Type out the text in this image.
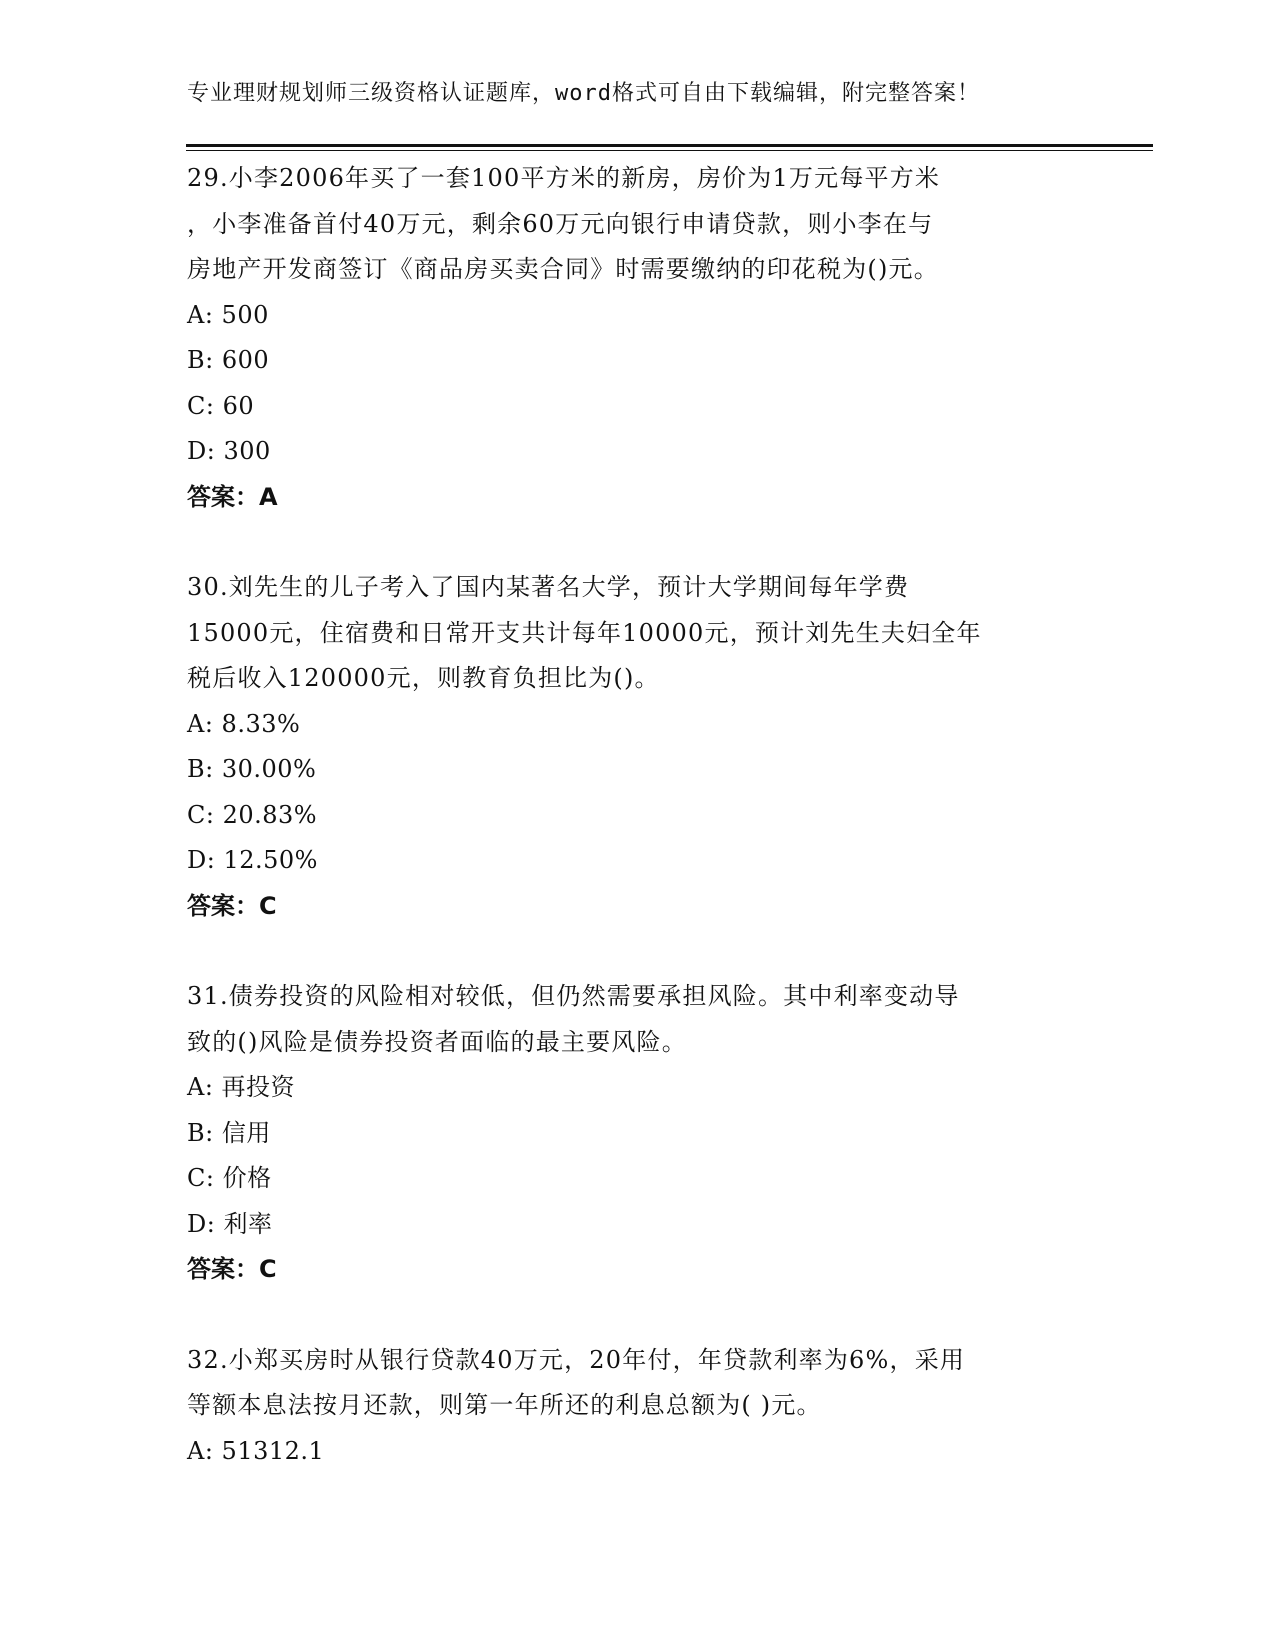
专业理财规划师三级资格认证题库，word格式可自由下载编辑，附完整答案！

29.小李2006年买了一套100平方米的新房，房价为1万元每平方米

，小李准备首付40万元，剩余60万元向银行申请贷款，则小李在与

房地产开发商签订《商品房买卖合同》时需要缴纳的印花税为()元。

A: 500

B: 600

C: 60

D: 300

答案：A

30.刘先生的儿子考入了国内某著名大学，预计大学期间每年学费

15000元，住宿费和日常开支共计每年10000元，预计刘先生夫妇全年

税后收入120000元，则教育负担比为()。

A: 8.33%

B: 30.00%

C: 20.83%

D: 12.50%

答案：C

31.债券投资的风险相对较低，但仍然需要承担风险。其中利率变动导

致的()风险是债券投资者面临的最主要风险。

A: 再投资

B: 信用

C: 价格

D: 利率

答案：C

32.小郑买房时从银行贷款40万元，20年付，年贷款利率为6%，采用

等额本息法按月还款，则第一年所还的利息总额为( )元。

A: 51312.1
